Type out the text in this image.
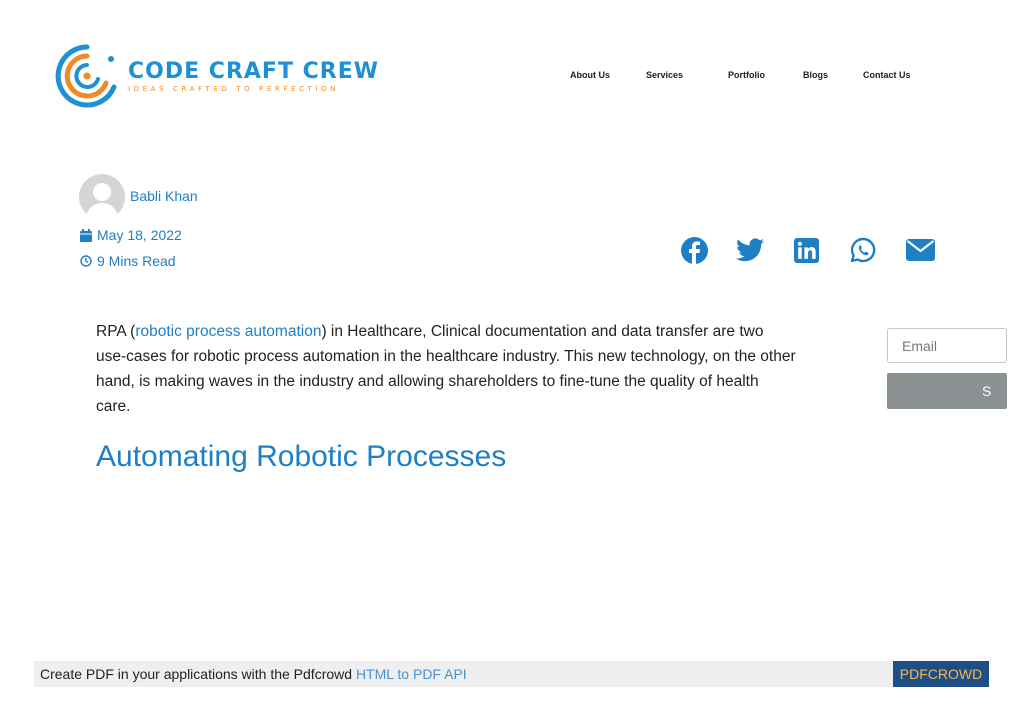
CODE CRAFT CREW
IDEAS CRAFTED TO PERFECTION
About Us	Services	Portfolio	Blogs	Contact Us
Babli Khan
May 18, 2022
9 Mins Read

RPA (robotic process automation) in Healthcare, Clinical documentation and data transfer are two use-cases for robotic process automation in the healthcare industry. This new technology, on the other hand, is making waves in the industry and allowing shareholders to fine-tune the quality of health care.

Automating Robotic Processes
Email
S
Create PDF in your applications with the Pdfcrowd HTML to PDF API	PDFCROWD
